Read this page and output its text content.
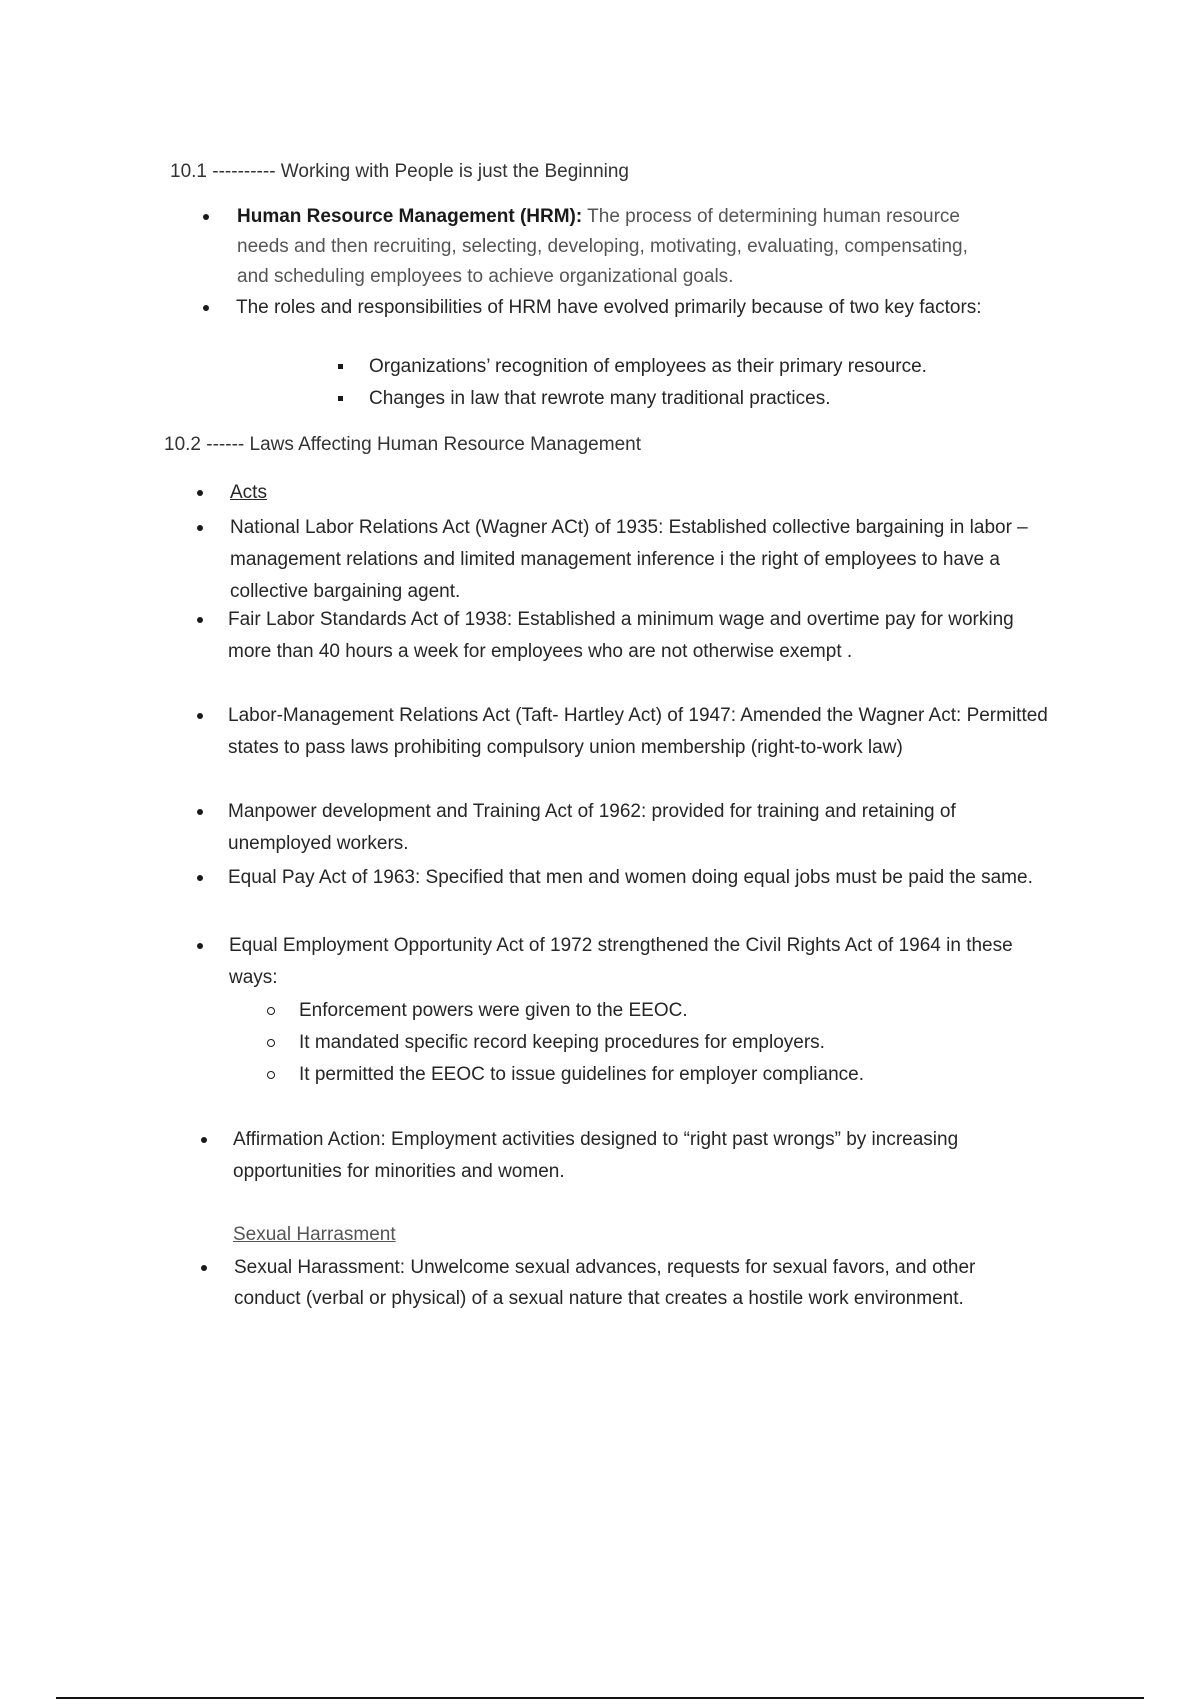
10.1 ---------- Working with People is just the Beginning
Human Resource Management (HRM): The process of determining human resource needs and then recruiting, selecting, developing, motivating, evaluating, compensating, and scheduling employees to achieve organizational goals.
The roles and responsibilities of HRM have evolved primarily because of two key factors:
Organizations’ recognition of employees as their primary resource.
Changes in law that rewrote many traditional practices.
10.2 ------ Laws Affecting Human Resource Management
Acts
National Labor Relations Act (Wagner ACt) of 1935: Established collective bargaining in labor – management relations and limited management inference i the right of employees to have a collective bargaining agent.
Fair Labor Standards Act of 1938: Established a minimum wage and overtime pay for working more than 40 hours a week for employees who are not otherwise exempt .
Labor-Management Relations Act (Taft- Hartley Act) of 1947: Amended the Wagner Act: Permitted states to pass laws prohibiting compulsory union membership (right-to-work law)
Manpower development and Training Act of 1962: provided for training and retaining of unemployed workers.
Equal Pay Act of 1963: Specified that men and women doing equal jobs must be paid the same.
Equal Employment Opportunity Act of 1972 strengthened the Civil Rights Act of 1964 in these ways:
Enforcement powers were given to the EEOC.
It mandated specific record keeping procedures for employers.
It permitted the EEOC to issue guidelines for employer compliance.
Affirmation Action: Employment activities designed to “right past wrongs” by increasing opportunities for minorities and women.
Sexual Harrasment
Sexual Harassment: Unwelcome sexual advances, requests for sexual favors, and other conduct (verbal or physical) of a sexual nature that creates a hostile work environment.
